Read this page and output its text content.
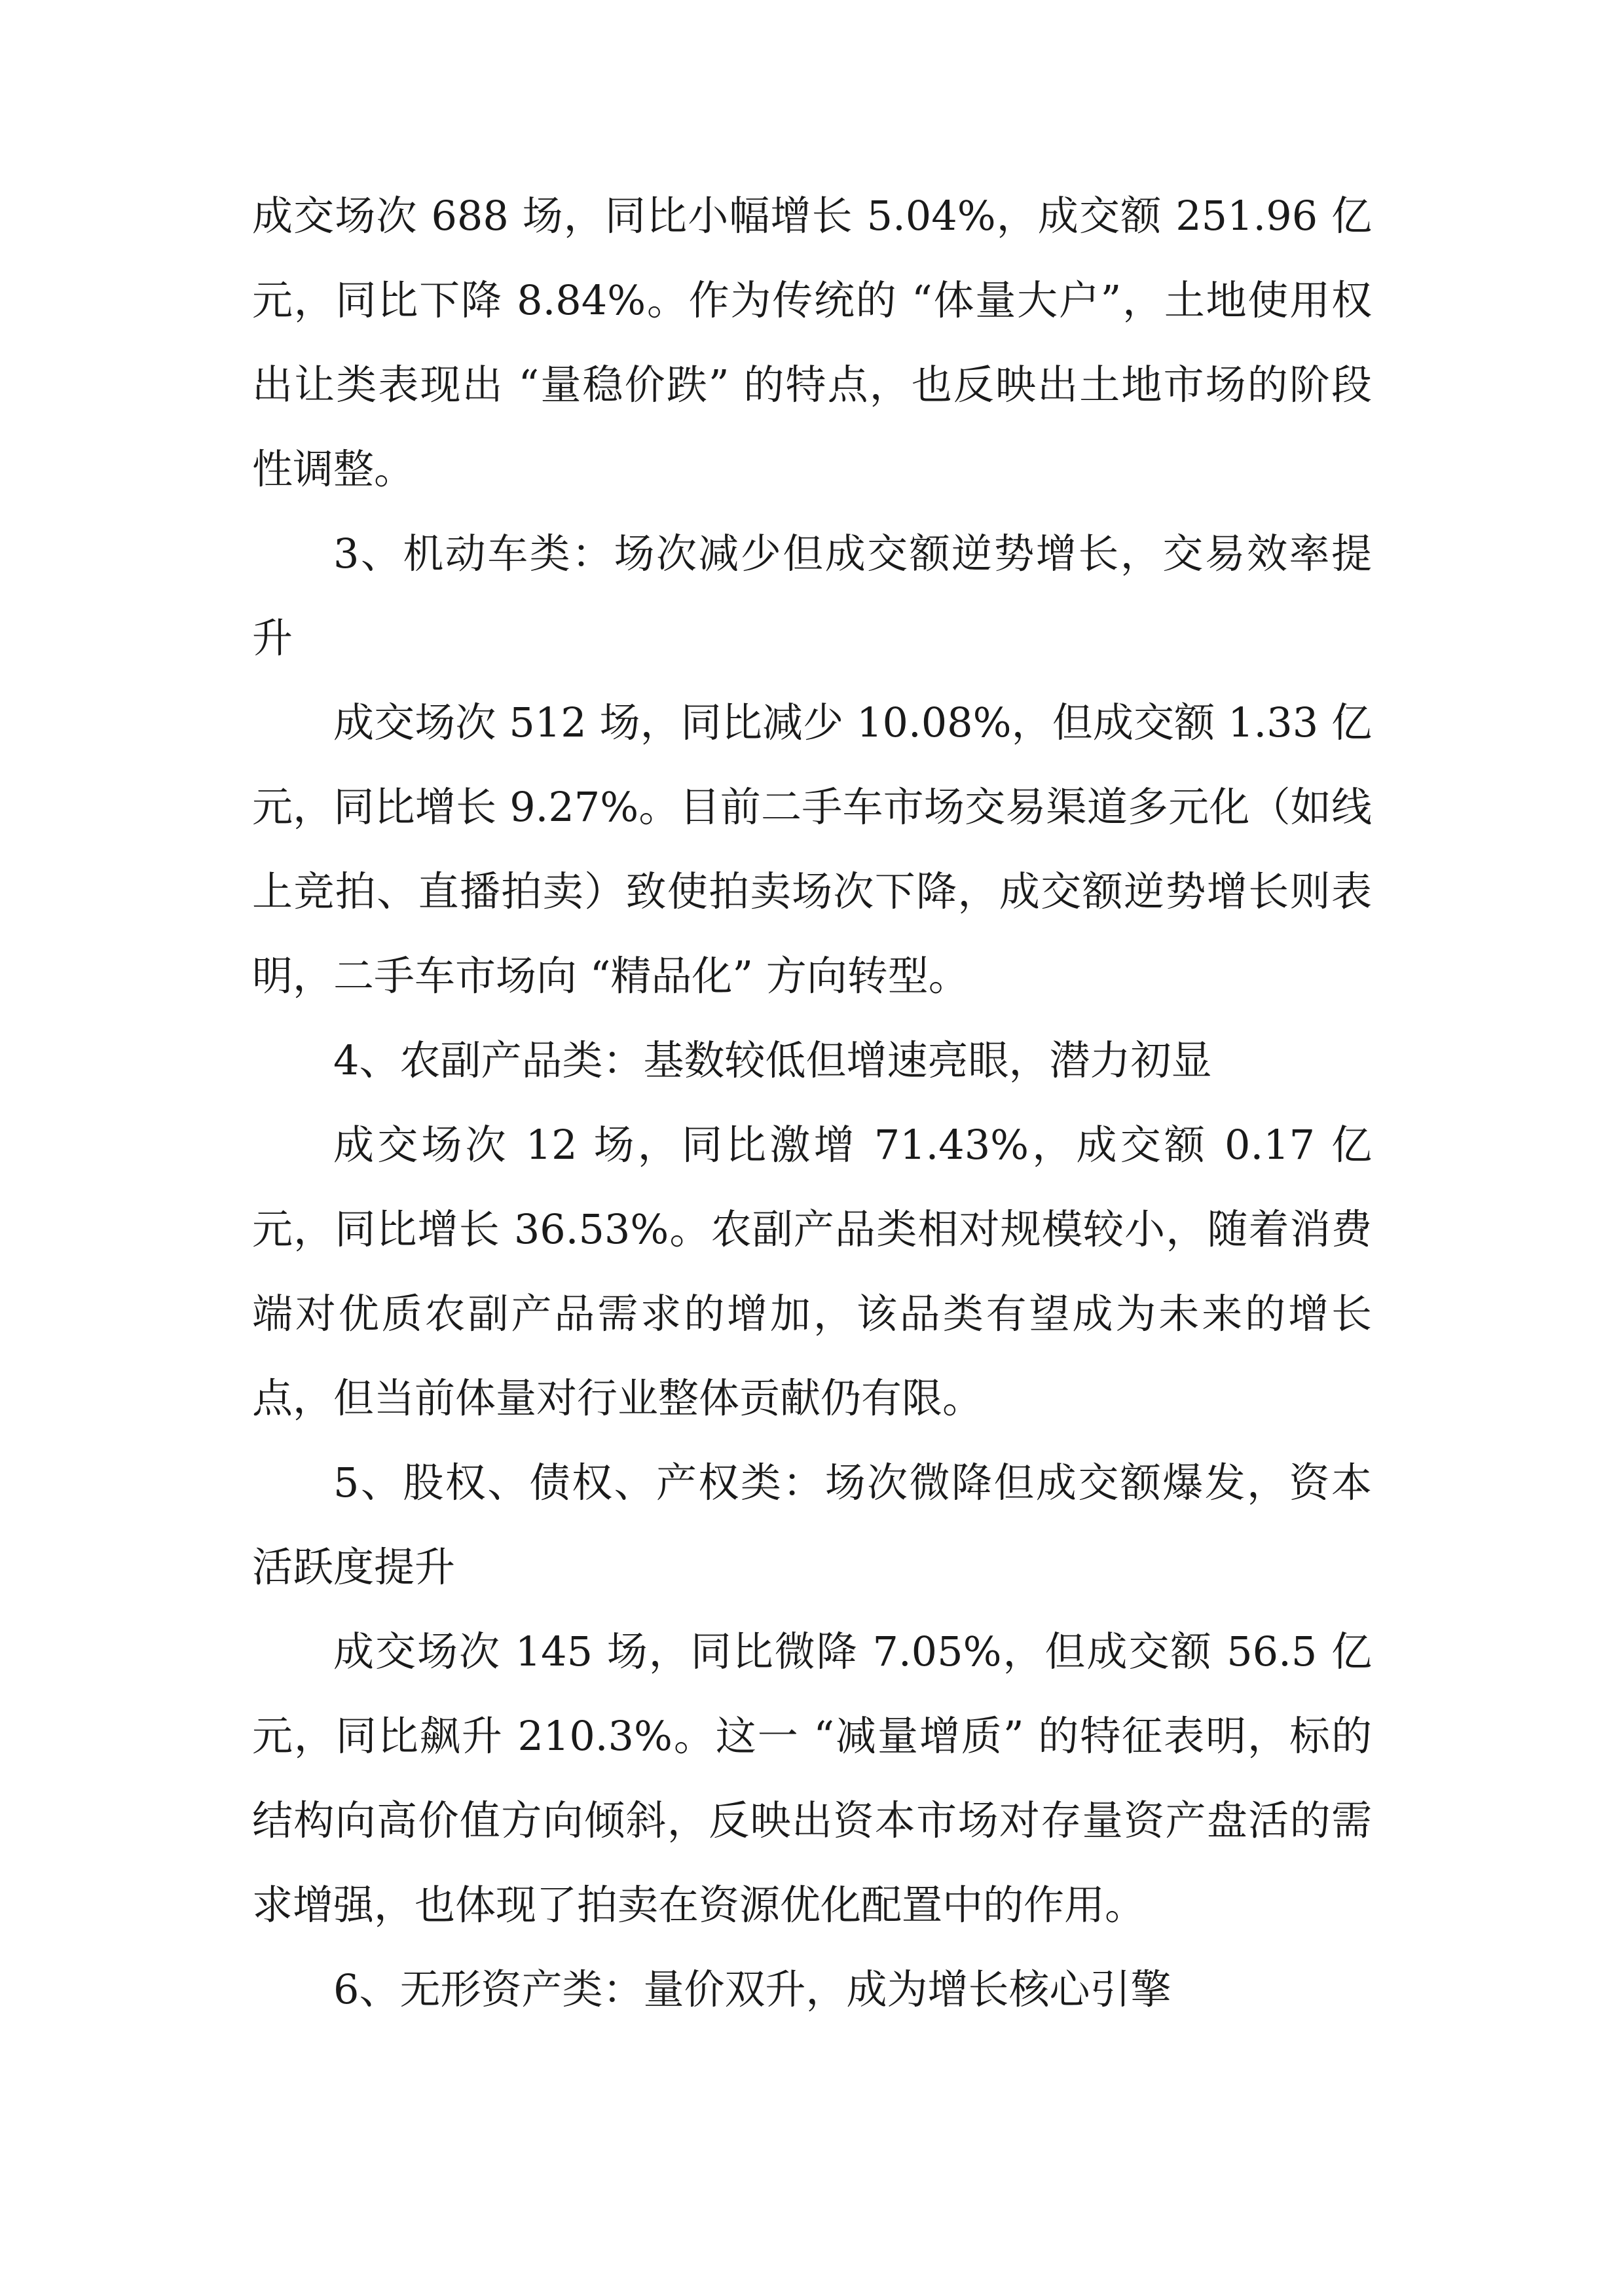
成交场次 688 场，同比小幅增长 5.04%，成交额 251.96 亿元，同比下降 8.84%。作为传统的 “体量大户”，土地使用权出让类表现出 “量稳价跌” 的特点，也反映出土地市场的阶段性调整。

3、机动车类：场次减少但成交额逆势增长，交易效率提升

成交场次 512 场，同比减少 10.08%，但成交额 1.33 亿元，同比增长 9.27%。目前二手车市场交易渠道多元化（如线上竞拍、直播拍卖）致使拍卖场次下降，成交额逆势增长则表明，二手车市场向 “精品化” 方向转型。

4、农副产品类：基数较低但增速亮眼，潜力初显

成交场次 12 场，同比激增 71.43%，成交额 0.17 亿元，同比增长 36.53%。农副产品类相对规模较小，随着消费端对优质农副产品需求的增加，该品类有望成为未来的增长点，但当前体量对行业整体贡献仍有限。

5、股权、债权、产权类：场次微降但成交额爆发，资本活跃度提升

成交场次 145 场，同比微降 7.05%，但成交额 56.5 亿元，同比飙升 210.3%。这一 “减量增质” 的特征表明，标的结构向高价值方向倾斜，反映出资本市场对存量资产盘活的需求增强，也体现了拍卖在资源优化配置中的作用。

6、无形资产类：量价双升，成为增长核心引擎
